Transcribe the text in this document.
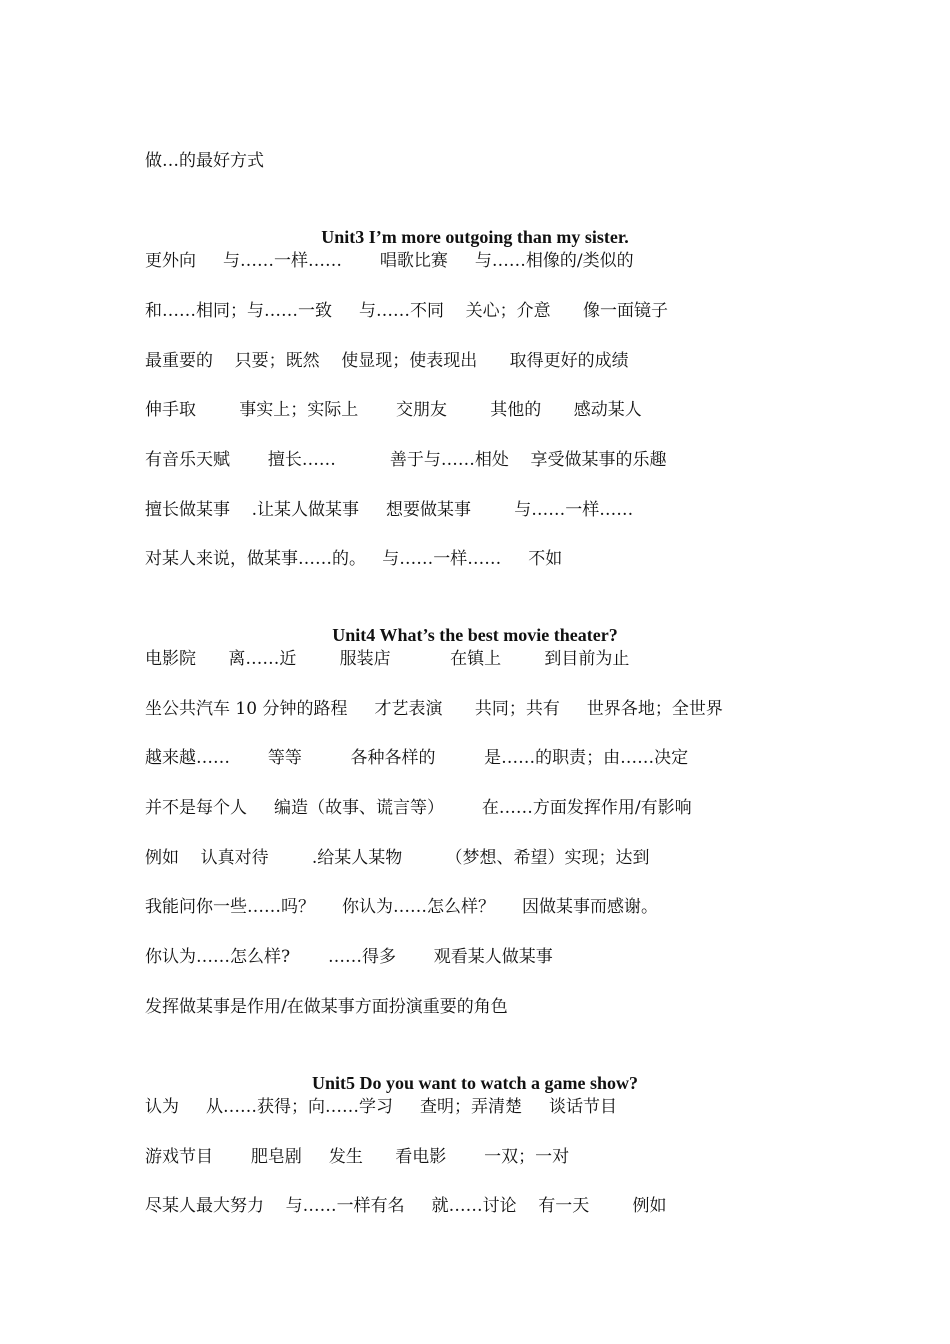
做…的最好方式
Unit3 I’m more outgoing than my sister.
更外向     与……一样……       唱歌比赛     与……相像的/类似的
和……相同；与……一致     与……不同    关心；介意      像一面镜子
最重要的    只要；既然    使显现；使表现出      取得更好的成绩
伸手取        事实上；实际上       交朋友        其他的      感动某人
有音乐天赋       擅长……          善于与……相处    享受做某事的乐趣
擅长做某事    .让某人做某事     想要做某事        与……一样……
对某人来说，做某事……的。   与……一样……     不如
Unit4 What’s the best movie theater?
电影院      离……近        服装店           在镇上        到目前为止
坐公共汽车 10 分钟的路程     才艺表演      共同；共有     世界各地；全世界
越来越……       等等         各种各样的         是……的职责；由……决定
并不是每个人     编造（故事、谎言等）       在……方面发挥作用/有影响
例如    认真对待        .给某人某物        （梦想、希望）实现；达到
我能问你一些……吗？     你认为……怎么样？     因做某事而感谢。
你认为……怎么样?       ……得多       观看某人做某事
发挥做某事是作用/在做某事方面扮演重要的角色
Unit5 Do you want to watch a game show?
认为     从……获得；向……学习     查明；弄清楚     谈话节目
游戏节目       肥皂剧     发生      看电影       一双；一对
尽某人最大努力    与……一样有名     就……讨论    有一天        例如
